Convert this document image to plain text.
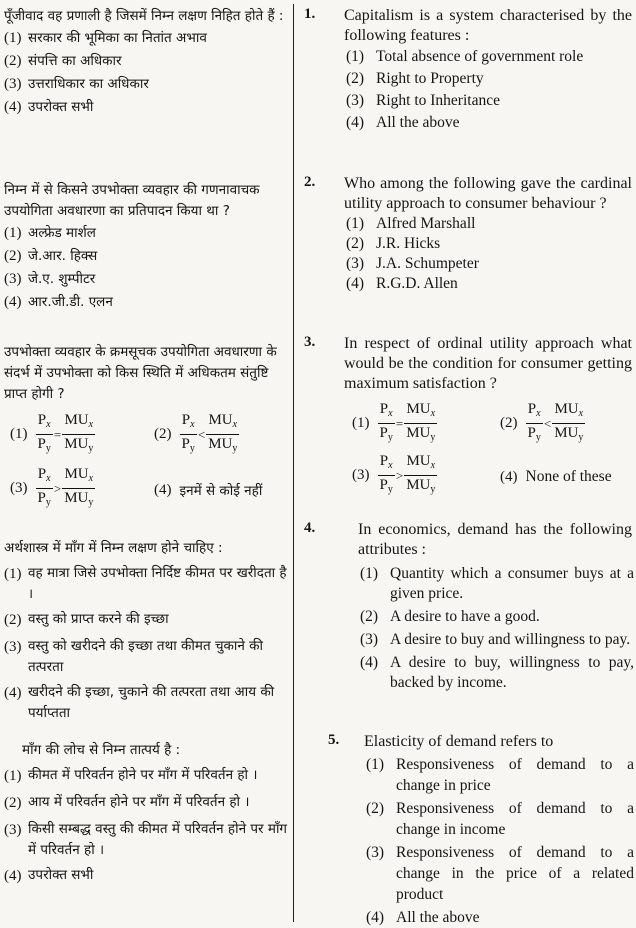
पूँजीवाद वह प्रणाली है जिसमें निम्न लक्षण निहित होते हैं :
(1) सरकार की भूमिका का नितांत अभाव
(2) संपत्ति का अधिकार
(3) उत्तराधिकार का अधिकार
(4) उपरोक्त सभी
निम्न में से किसने उपभोक्ता व्यवहार की गणनावाचक उपयोगिता अवधारणा का प्रतिपादन किया था ?
(1) अल्फ्रेड मार्शल
(2) जे.आर. हिक्स
(3) जे.ए. शुम्पीटर
(4) आर.जी.डी. एलन
उपभोक्ता व्यवहार के क्रमसूचक उपयोगिता अवधारणा के संदर्भ में उपभोक्ता को किस स्थिति में अधिकतम संतुष्टि प्राप्त होगी ?
$(1) \frac{P_x}{P_y} = \frac{MU_x}{MU_y}$	$(2) \frac{P_x}{P_y} < \frac{MU_x}{MU_y}$
$(3) \frac{P_x}{P_y} > \frac{MU_x}{MU_y}$	(4) इनमें से कोई नहीं
अर्थशास्त्र में माँग में निम्न लक्षण होने चाहिए :
(1) वह मात्रा जिसे उपभोक्ता निर्दिष्ट कीमत पर खरीदता है ।
(2) वस्तु को प्राप्त करने की इच्छा
(3) वस्तु को खरीदने की इच्छा तथा कीमत चुकाने की तत्परता
(4) खरीदने की इच्छा, चुकाने की तत्परता तथा आय की पर्याप्तता
माँग की लोच से निम्न तात्पर्य है :
(1) कीमत में परिवर्तन होने पर माँग में परिवर्तन हो ।
(2) आय में परिवर्तन होने पर माँग में परिवर्तन हो ।
(3) किसी सम्बद्ध वस्तु की कीमत में परिवर्तन होने पर माँग में परिवर्तन हो ।
(4) उपरोक्त सभी
1. Capitalism is a system characterised by the following features :
(1) Total absence of government role
(2) Right to Property
(3) Right to Inheritance
(4) All the above
2. Who among the following gave the cardinal utility approach to consumer behaviour ?
(1) Alfred Marshall
(2) J.R. Hicks
(3) J.A. Schumpeter
(4) R.G.D. Allen
3. In respect of ordinal utility approach what would be the condition for consumer getting maximum satisfaction ?
$(1) \frac{P_x}{P_y} = \frac{MU_x}{MU_y}$	$(2) \frac{P_x}{P_y} < \frac{MU_x}{MU_y}$
$(3) \frac{P_x}{P_y} > \frac{MU_x}{MU_y}$	(4) None of these
4.	In economics, demand has the following attributes :
(1) Quantity which a consumer buys at a given price.
(2) A desire to have a good.
(3) A desire to buy and willingness to pay.
(4) A desire to buy, willingness to pay, backed by income.
5. Elasticity of demand refers to
(1) Responsiveness of demand to a change in price
(2) Responsiveness of demand to a change in income
(3) Responsiveness of demand to a change in the price of a related product
(4) All the above
